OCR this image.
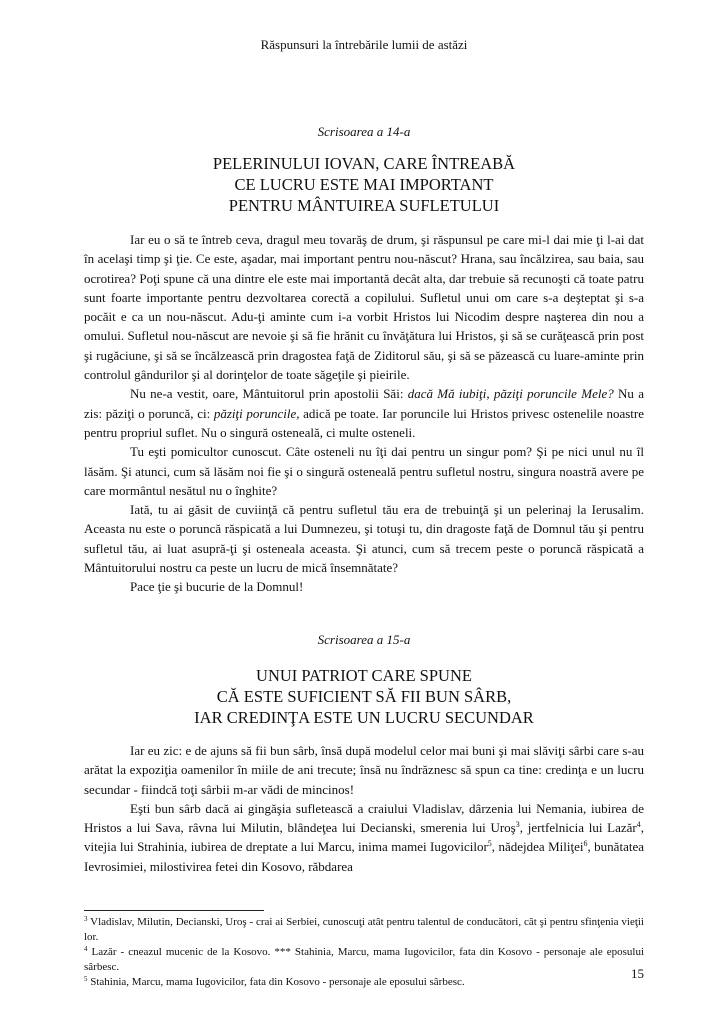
Răspunsuri la întrebările lumii de astăzi
Scrisoarea a 14-a
PELERINULUI IOVAN, CARE ÎNTREABĂ
CE LUCRU ESTE MAI IMPORTANT
PENTRU MÂNTUIREA SUFLETULUI

Iar eu o să te întreb ceva, dragul meu tovarăş de drum, şi răspunsul pe care mi-l dai mie ţi l-ai dat în acelaşi timp şi ţie. Ce este, aşadar, mai important pentru nou-născut? Hrana, sau încălzirea, sau baia, sau ocrotirea? Poţi spune că una dintre ele este mai importantă decât alta, dar trebuie să recunoşti că toate patru sunt foarte importante pentru dezvoltarea corectă a copilului. Sufletul unui om care s-a deşteptat şi s-a pocăit e ca un nou-născut. Adu-ţi aminte cum i-a vorbit Hristos lui Nicodim despre naşterea din nou a omului. Sufletul nou-născut are nevoie şi să fie hrănit cu învăţătura lui Hristos, şi să se curăţească prin post şi rugăciune, şi să se încălzească prin dragostea faţă de Ziditorul său, şi să se păzească cu luare-aminte prin controlul gândurilor şi al dorinţelor de toate săgeţile şi pieirile.

Nu ne-a vestit, oare, Mântuitorul prin apostolii Săi: dacă Mă iubiţi, păziţi poruncile Mele? Nu a zis: păziţi o poruncă, ci: păziţi poruncile, adică pe toate. Iar poruncile lui Hristos privesc ostenelile noastre pentru propriul suflet. Nu o singură osteneală, ci multe osteneli.

Tu eşti pomicultor cunoscut. Câte osteneli nu îţi dai pentru un singur pom? Şi pe nici unul nu îl lăsăm. Şi atunci, cum să lăsăm noi fie şi o singură osteneală pentru sufletul nostru, singura noastră avere pe care mormântul nesătul nu o înghite?

Iată, tu ai găsit de cuviinţă că pentru sufletul tău era de trebuinţă şi un pelerinaj la Ierusalim. Aceasta nu este o poruncă răspicată a lui Dumnezeu, şi totuşi tu, din dragoste faţă de Domnul tău şi pentru sufletul tău, ai luat asupră-ţi şi osteneala aceasta. Şi atunci, cum să trecem peste o poruncă răspicată a Mântuitorului nostru ca peste un lucru de mică însemnătate?

Pace ţie şi bucurie de la Domnul!

Scrisoarea a 15-a
UNUI PATRIOT CARE SPUNE
CĂ ESTE SUFICIENT SĂ FII BUN SÂRB,
IAR CREDINŢA ESTE UN LUCRU SECUNDAR

Iar eu zic: e de ajuns să fii bun sârb, însă după modelul celor mai buni şi mai slăviţi sârbi care s-au arătat la expoziţia oamenilor în miile de ani trecute; însă nu îndrăznesc să spun ca tine: credinţa e un lucru secundar - fiindcă toţi sârbii m-ar vădi de mincinos!

Eşti bun sârb dacă ai gingăşia sufletească a craiului Vladislav, dârzenia lui Nemania, iubirea de Hristos a lui Sava, râvna lui Milutin, blândeţea lui Decianski, smerenia lui Uroş$^3$, jertfelnicia lui Lazăr$^4$, vitejia lui Strahinia, iubirea de dreptate a lui Marcu, inima mamei Iugovicilor$^5$, nădejdea Miliţei$^6$, bunătatea Ievrosimiei, milostivirea fetei din Kosovo, răbdarea

$^3$ Vladislav, Milutin, Decianski, Uroş - crai ai Serbiei, cunoscuţi atât pentru talentul de conducători, cât şi pentru sfinţenia vieţii lor.

$^4$ Lazăr - cneazul mucenic de la Kosovo. *** Stahinia, Marcu, mama Iugovicilor, fata din Kosovo - personaje ale eposului sârbesc.

$^5$ Stahinia, Marcu, mama Iugovicilor, fata din Kosovo - personaje ale eposului sârbesc.

15
